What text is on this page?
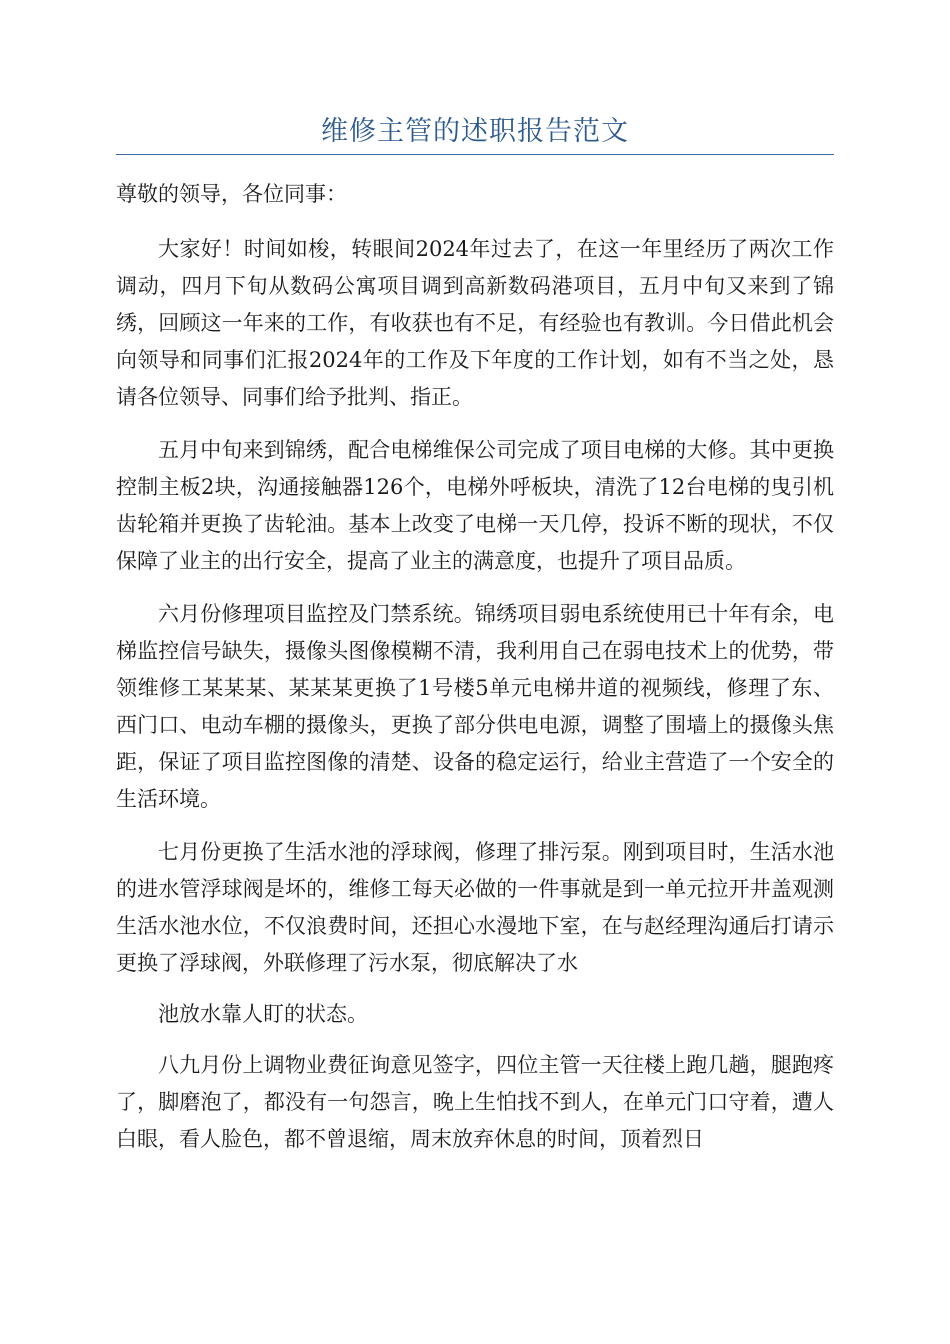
维修主管的述职报告范文

尊敬的领导，各位同事：

大家好！时间如梭，转眼间2024年过去了，在这一年里经历了两次工作调动，四月下旬从数码公寓项目调到高新数码港项目，五月中旬又来到了锦绣，回顾这一年来的工作，有收获也有不足，有经验也有教训。今日借此机会向领导和同事们汇报2024年的工作及下年度的工作计划，如有不当之处，恳请各位领导、同事们给予批判、指正。

五月中旬来到锦绣，配合电梯维保公司完成了项目电梯的大修。其中更换控制主板2块，沟通接触器126个，电梯外呼板块，清洗了12台电梯的曳引机齿轮箱并更换了齿轮油。基本上改变了电梯一天几停，投诉不断的现状，不仅保障了业主的出行安全，提高了业主的满意度，也提升了项目品质。

六月份修理项目监控及门禁系统。锦绣项目弱电系统使用已十年有余，电梯监控信号缺失，摄像头图像模糊不清，我利用自己在弱电技术上的优势，带领维修工某某某、某某某更换了1号楼5单元电梯井道的视频线，修理了东、西门口、电动车棚的摄像头，更换了部分供电电源，调整了围墙上的摄像头焦距，保证了项目监控图像的清楚、设备的稳定运行，给业主营造了一个安全的生活环境。

七月份更换了生活水池的浮球阀，修理了排污泵。刚到项目时，生活水池的进水管浮球阀是坏的，维修工每天必做的一件事就是到一单元拉开井盖观测生活水池水位，不仅浪费时间，还担心水漫地下室，在与赵经理沟通后打请示更换了浮球阀，外联修理了污水泵，彻底解决了水

池放水靠人盯的状态。

八九月份上调物业费征询意见签字，四位主管一天往楼上跑几趟，腿跑疼了，脚磨泡了，都没有一句怨言，晚上生怕找不到人，在单元门口守着，遭人白眼，看人脸色，都不曾退缩，周末放弃休息的时间，顶着烈日
